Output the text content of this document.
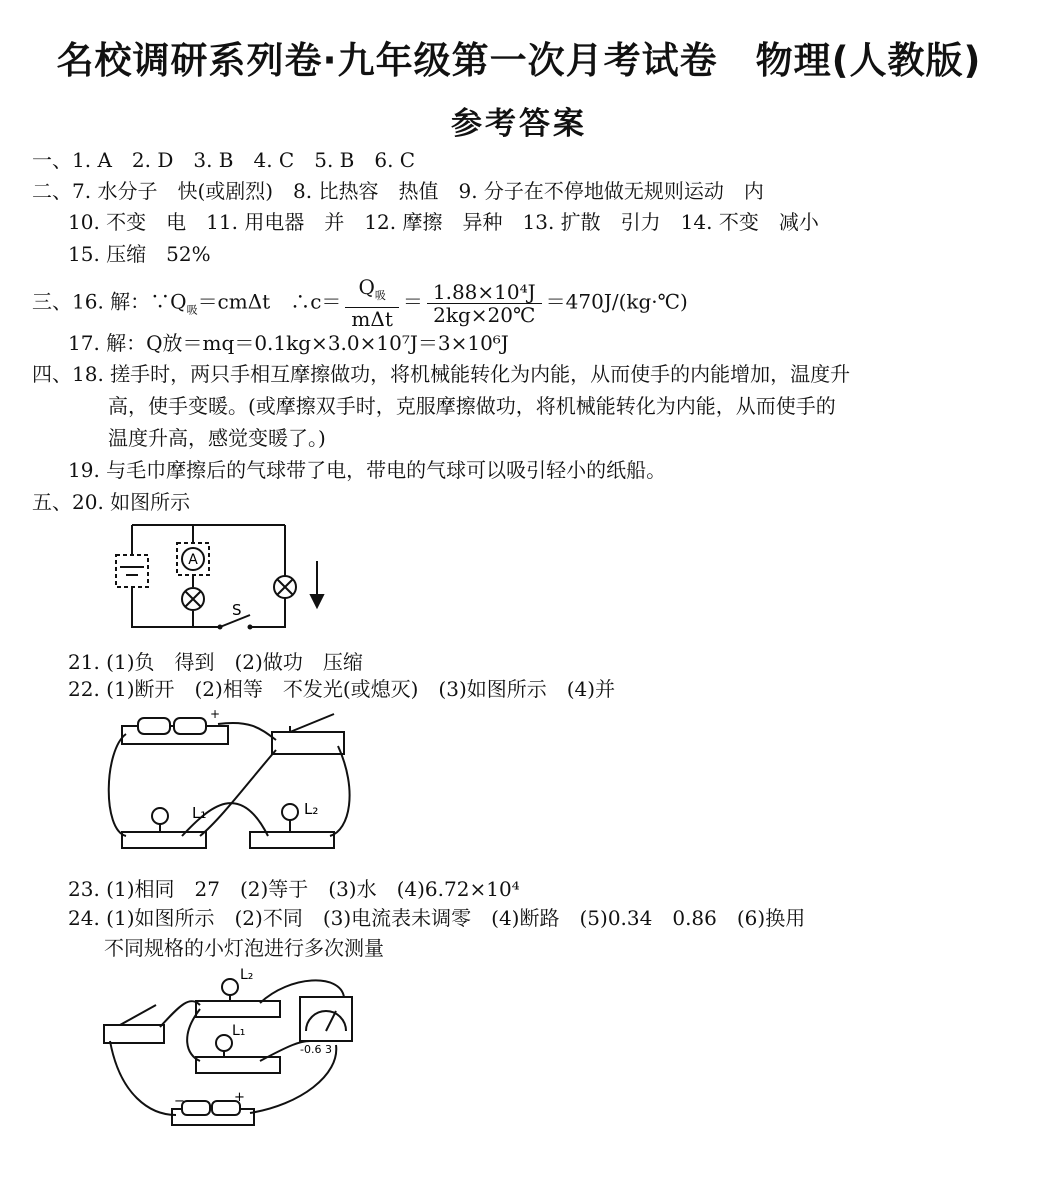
名校调研系列卷·九年级第一次月考试卷　物理(人教版)
参考答案
一、1. A　2. D　3. B　4. C　5. B　6. C
二、7. 水分子　快(或剧烈)　8. 比热容　热值　9. 分子在不停地做无规则运动　内
10. 不变　电　11. 用电器　并　12. 摩擦　异种　13. 扩散　引力　14. 不变　减小
15. 压缩　52%
三、16. 解：$\because Q_吸=cm\Delta t$　∴c＝ $\frac{Q_吸}{\text{mΔt}} = \frac{\text{1.88×10⁴J}}{2kg\times 20℃}$ ＝470J/(kg·℃)
17. 解：Q放＝mq＝0.1kg×3.0×10⁷J＝3×10⁶J
四、18. 搓手时，两只手相互摩擦做功，将机械能转化为内能，从而使手的内能增加，温度升
高，使手变暖。(或摩擦双手时，克服摩擦做功，将机械能转化为内能，从而使手的
温度升高，感觉变暖了。)
19. 与毛巾摩擦后的气球带了电，带电的气球可以吸引轻小的纸船。
五、20. 如图所示
A
S
21. (1)负　得到　(2)做功　压缩
22. (1)断开　(2)相等　不发光(或熄灭)　(3)如图所示　(4)并
L₁	L₂
+
23. (1)相同　27　(2)等于　(3)水　(4)6.72×10⁴
24. (1)如图所示　(2)不同　(3)电流表未调零　(4)断路　(5)0.34　0.86　(6)换用
不同规格的小灯泡进行多次测量
L₂
L₁
-0.6 3
−	+
